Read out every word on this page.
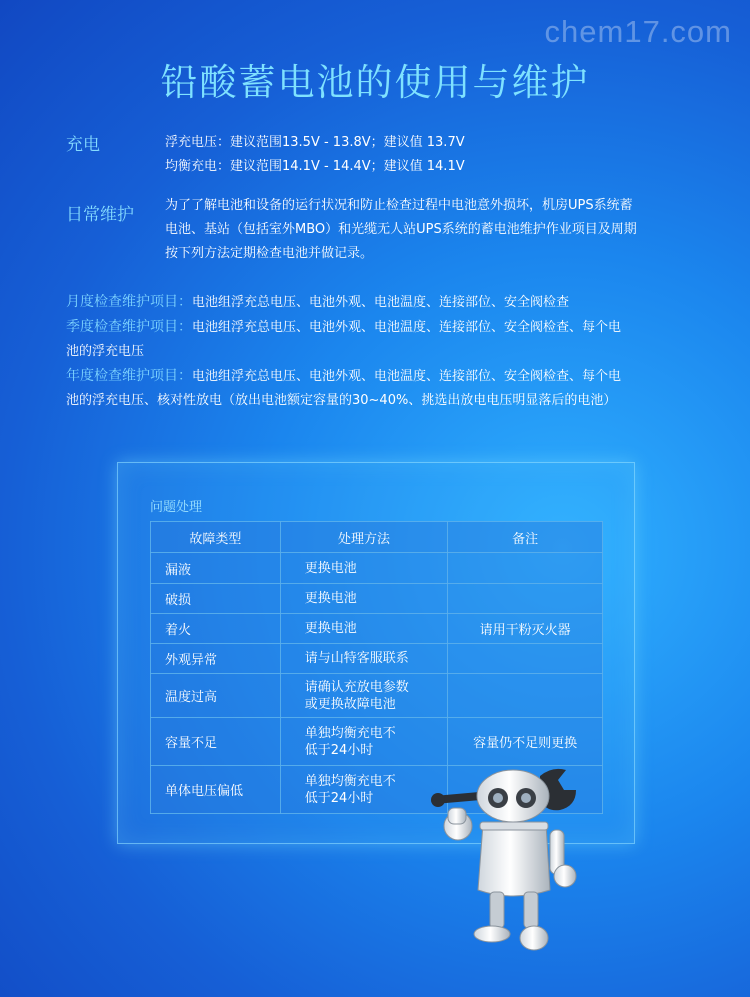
chem17.com
铅酸蓄电池的使用与维护
充电	浮充电压：建议范围13.5V - 13.8V；建议值 13.7V
均衡充电：建议范围14.1V - 14.4V；建议值 14.1V
日常维护 为了了解电池和设备的运行状况和防止检查过程中电池意外损坏，机房UPS系统蓄
电池、基站（包括室外MBO）和光缆无人站UPS系统的蓄电池维护作业项目及周期
按下列方法定期检查电池并做记录。
月度检查维护项目：电池组浮充总电压、电池外观、电池温度、连接部位、安全阀检查
季度检查维护项目：电池组浮充总电压、电池外观、电池温度、连接部位、安全阀检查、每个电
池的浮充电压
年度检查维护项目：电池组浮充总电压、电池外观、电池温度、连接部位、安全阀检查、每个电
池的浮充电压、核对性放电（放出电池额定容量的30~40%、挑选出放电电压明显落后的电池）
问题处理
故障类型	处理方法	备注
漏液	更换电池	

破损	更换电池	

着火	更换电池	请用干粉灭火器
外观异常	请与山特客服联系	

温度过高	请确认充放电参数
或更换故障电池	

容量不足	单独均衡充电不
低于24小时	容量仍不足则更换
单体电压偏低	单独均衡充电不
低于24小时	
